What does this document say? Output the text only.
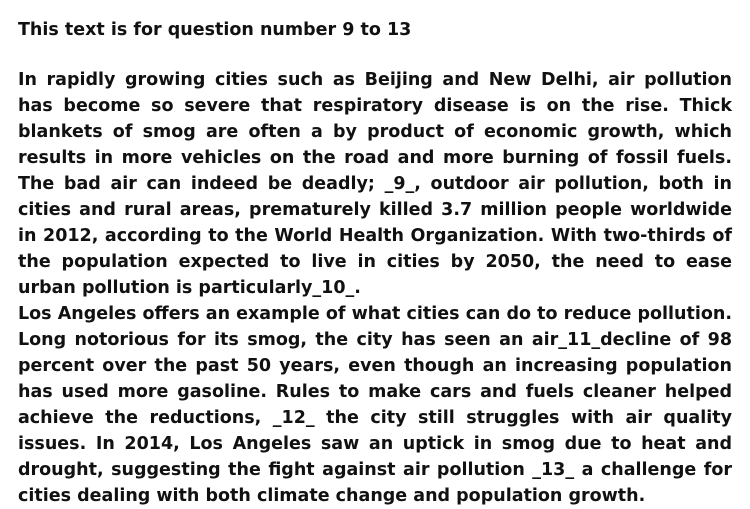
This text is for question number 9 to 13

In rapidly growing cities such as Beijing and New Delhi, air pollution has become so severe that respiratory disease is on the rise. Thick blankets of smog are often a by product of economic growth, which results in more vehicles on the road and more burning of fossil fuels. The bad air can indeed be deadly; _9_, outdoor air pollution, both in cities and rural areas, prematurely killed 3.7 million people worldwide in 2012, according to the World Health Organization. With two-thirds of the population expected to live in cities by 2050, the need to ease urban pollution is particularly_10_.

Los Angeles offers an example of what cities can do to reduce pollution. Long notorious for its smog, the city has seen an air_11_decline of 98 percent over the past 50 years, even though an increasing population has used more gasoline. Rules to make cars and fuels cleaner helped achieve the reductions, _12_ the city still struggles with air quality issues. In 2014, Los Angeles saw an uptick in smog due to heat and drought, suggesting the fight against air pollution _13_ a challenge for cities dealing with both climate change and population growth.
